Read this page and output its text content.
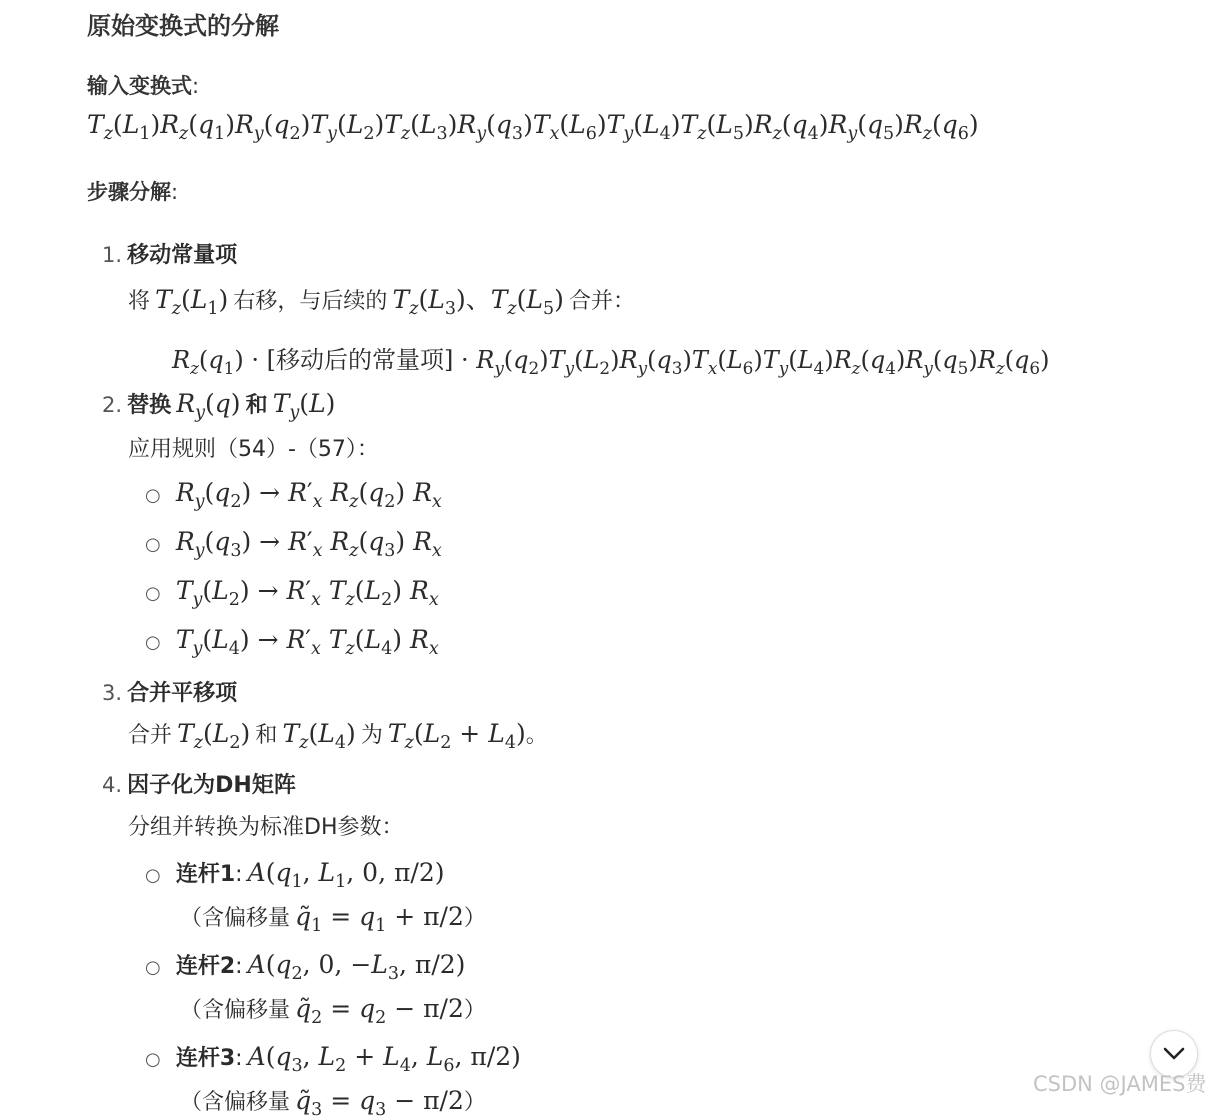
原始变换式的分解
输入变换式:
$T_z(L_1)R_z(q_1)R_y(q_2)T_y(L_2)T_z(L_3)R_y(q_3)T_x(L_6)T_y(L_4)T_z(L_5)R_z(q_4)R_y(q_5)R_z(q_6)$
步骤分解:
1. 移动常量项
将 $T_z(L_1)$ 右移，与后续的 $T_z(L_3)$、$T_z(L_5)$ 合并：
$R_z(q_1)$ · [移动后的常量项] · $R_y(q_2)T_y(L_2)R_y(q_3)T_x(L_6)T_y(L_4)R_z(q_4)R_y(q_5)R_z(q_6)$
2. 替换 $R_y(q)$ 和 $T_y(L)$
应用规则（54）-（57）：
○ $R_y(q_2) \to R'_x$ $R_z(q_2)$ $R_x$
○ $R_y(q_3) \to R'_x$ $R_z(q_3)$ $R_x$
○ $T_y(L_2) \to R'_x$ $T_z(L_2)$ $R_x$
○ $T_y(L_4) \to R'_x$ $T_z(L_4)$ $R_x$
3. 合并平移项
合并 $T_z(L_2)$ 和 $T_z(L_4)$ 为 $T_z(L_2 + L_4)$。
4. 因子化为DH矩阵
分组并转换为标准DH参数：
○ 连杆1: $A(q_1$, $L_1$, 0, π/2)
（含偏移量 $q_1 = q_1 + \pi/2$）
○ 连杆2: $A(q_2$, 0, $-L_3$, π/2)
（含偏移量 $q_2 = q_2 - \pi/2$）
○ 连杆3: $A(q_3$, $L_2 + L_4$, $L_6$, π/2)
（含偏移量 $q_3 = q_3 - \pi/2$）
CSDN @JAMES费
